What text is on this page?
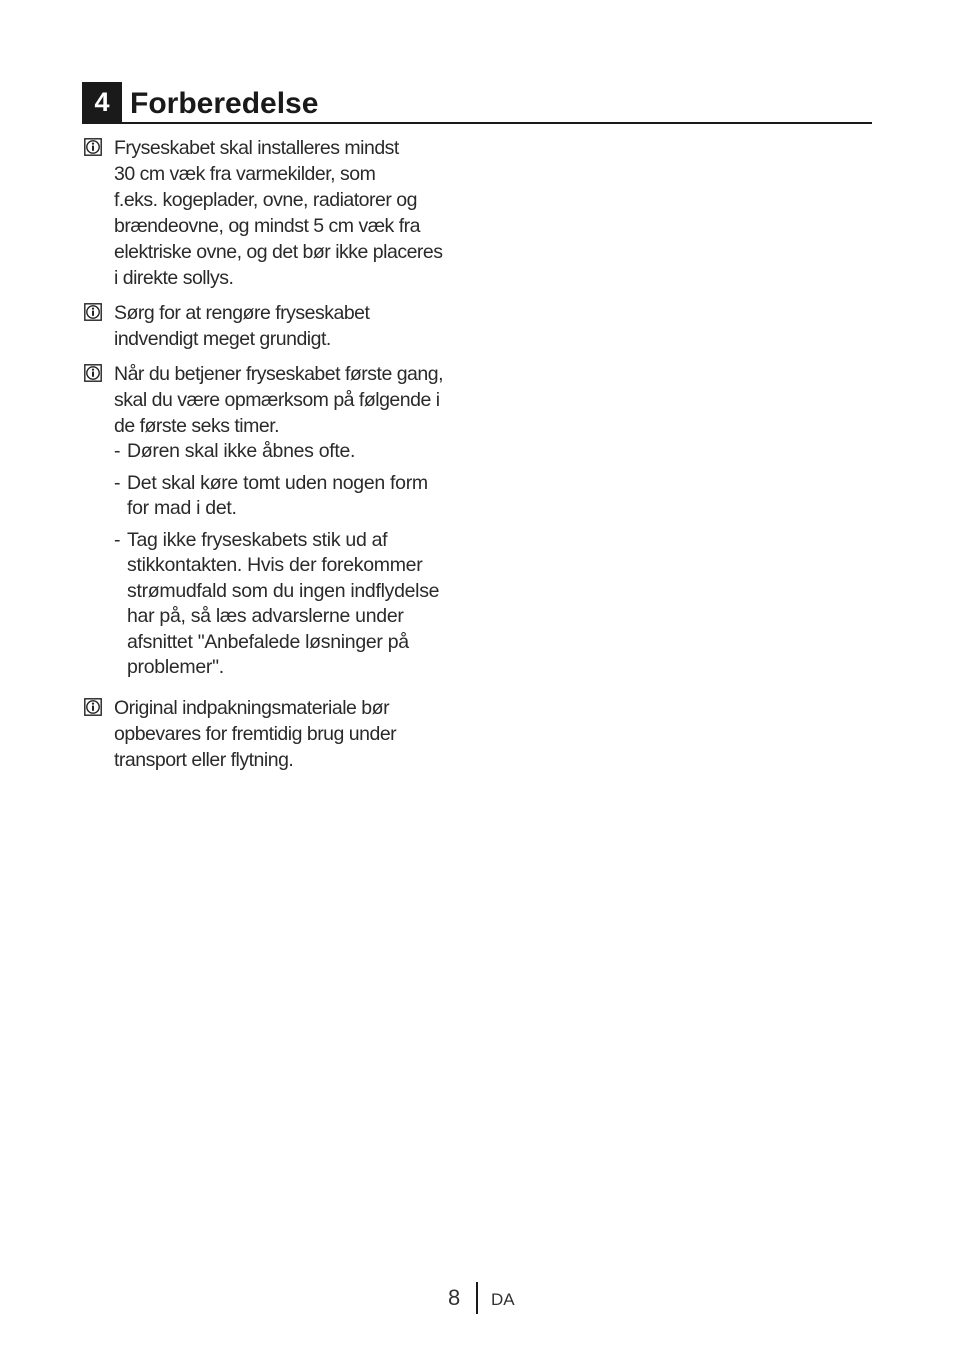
4 Forberedelse

Fryseskabet skal installeres mindst
30 cm væk fra varmekilder, som
f.eks. kogeplader, ovne, radiatorer og
brændeovne, og mindst 5 cm væk fra
elektriske ovne, og det bør ikke placeres
i direkte sollys.

Sørg for at rengøre fryseskabet
indvendigt meget grundigt.

Når du betjener fryseskabet første gang,
skal du være opmærksom på følgende i
de første seks timer.

- Døren skal ikke åbnes ofte.
- Det skal køre tomt uden nogen form
for mad i det.
- Tag ikke fryseskabets stik ud af
stikkontakten. Hvis der forekommer
strømudfald som du ingen indflydelse
har på, så læs advarslerne under
afsnittet "Anbefalede løsninger på
problemer".

Original indpakningsmateriale bør
opbevares for fremtidig brug under
transport eller flytning.

8 DA
